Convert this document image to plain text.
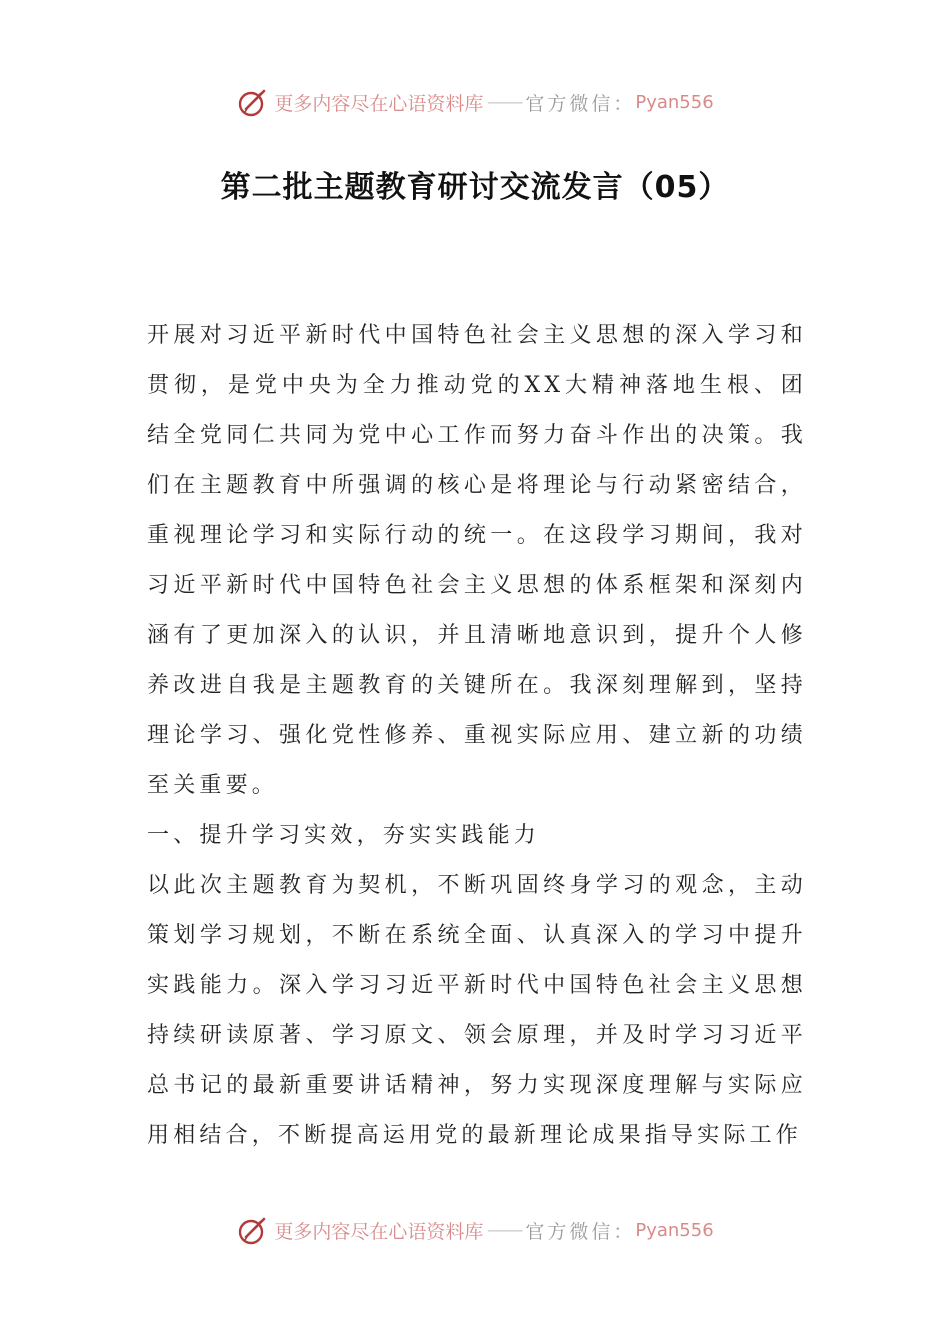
更多内容尽在心语资料库 —— 官方微信： Pyan556
第二批主题教育研讨交流发言（05）

开展对习近平新时代中国特色社会主义思想的深入学习和贯彻，是党中央为全力推动党的XX大精神落地生根、团结全党同仁共同为党中心工作而努力奋斗作出的决策。我们在主题教育中所强调的核心是将理论与行动紧密结合，重视理论学习和实际行动的统一。在这段学习期间，我对习近平新时代中国特色社会主义思想的体系框架和深刻内涵有了更加深入的认识，并且清晰地意识到，提升个人修养改进自我是主题教育的关键所在。我深刻理解到，坚持理论学习、强化党性修养、重视实际应用、建立新的功绩至关重要。

一、提升学习实效，夯实实践能力

以此次主题教育为契机，不断巩固终身学习的观念，主动策划学习规划，不断在系统全面、认真深入的学习中提升实践能力。深入学习习近平新时代中国特色社会主义思想持续研读原著、学习原文、领会原理，并及时学习习近平总书记的最新重要讲话精神，努力实现深度理解与实际应用相结合，不断提高运用党的最新理论成果指导实际工作

更多内容尽在心语资料库 —— 官方微信： Pyan556
